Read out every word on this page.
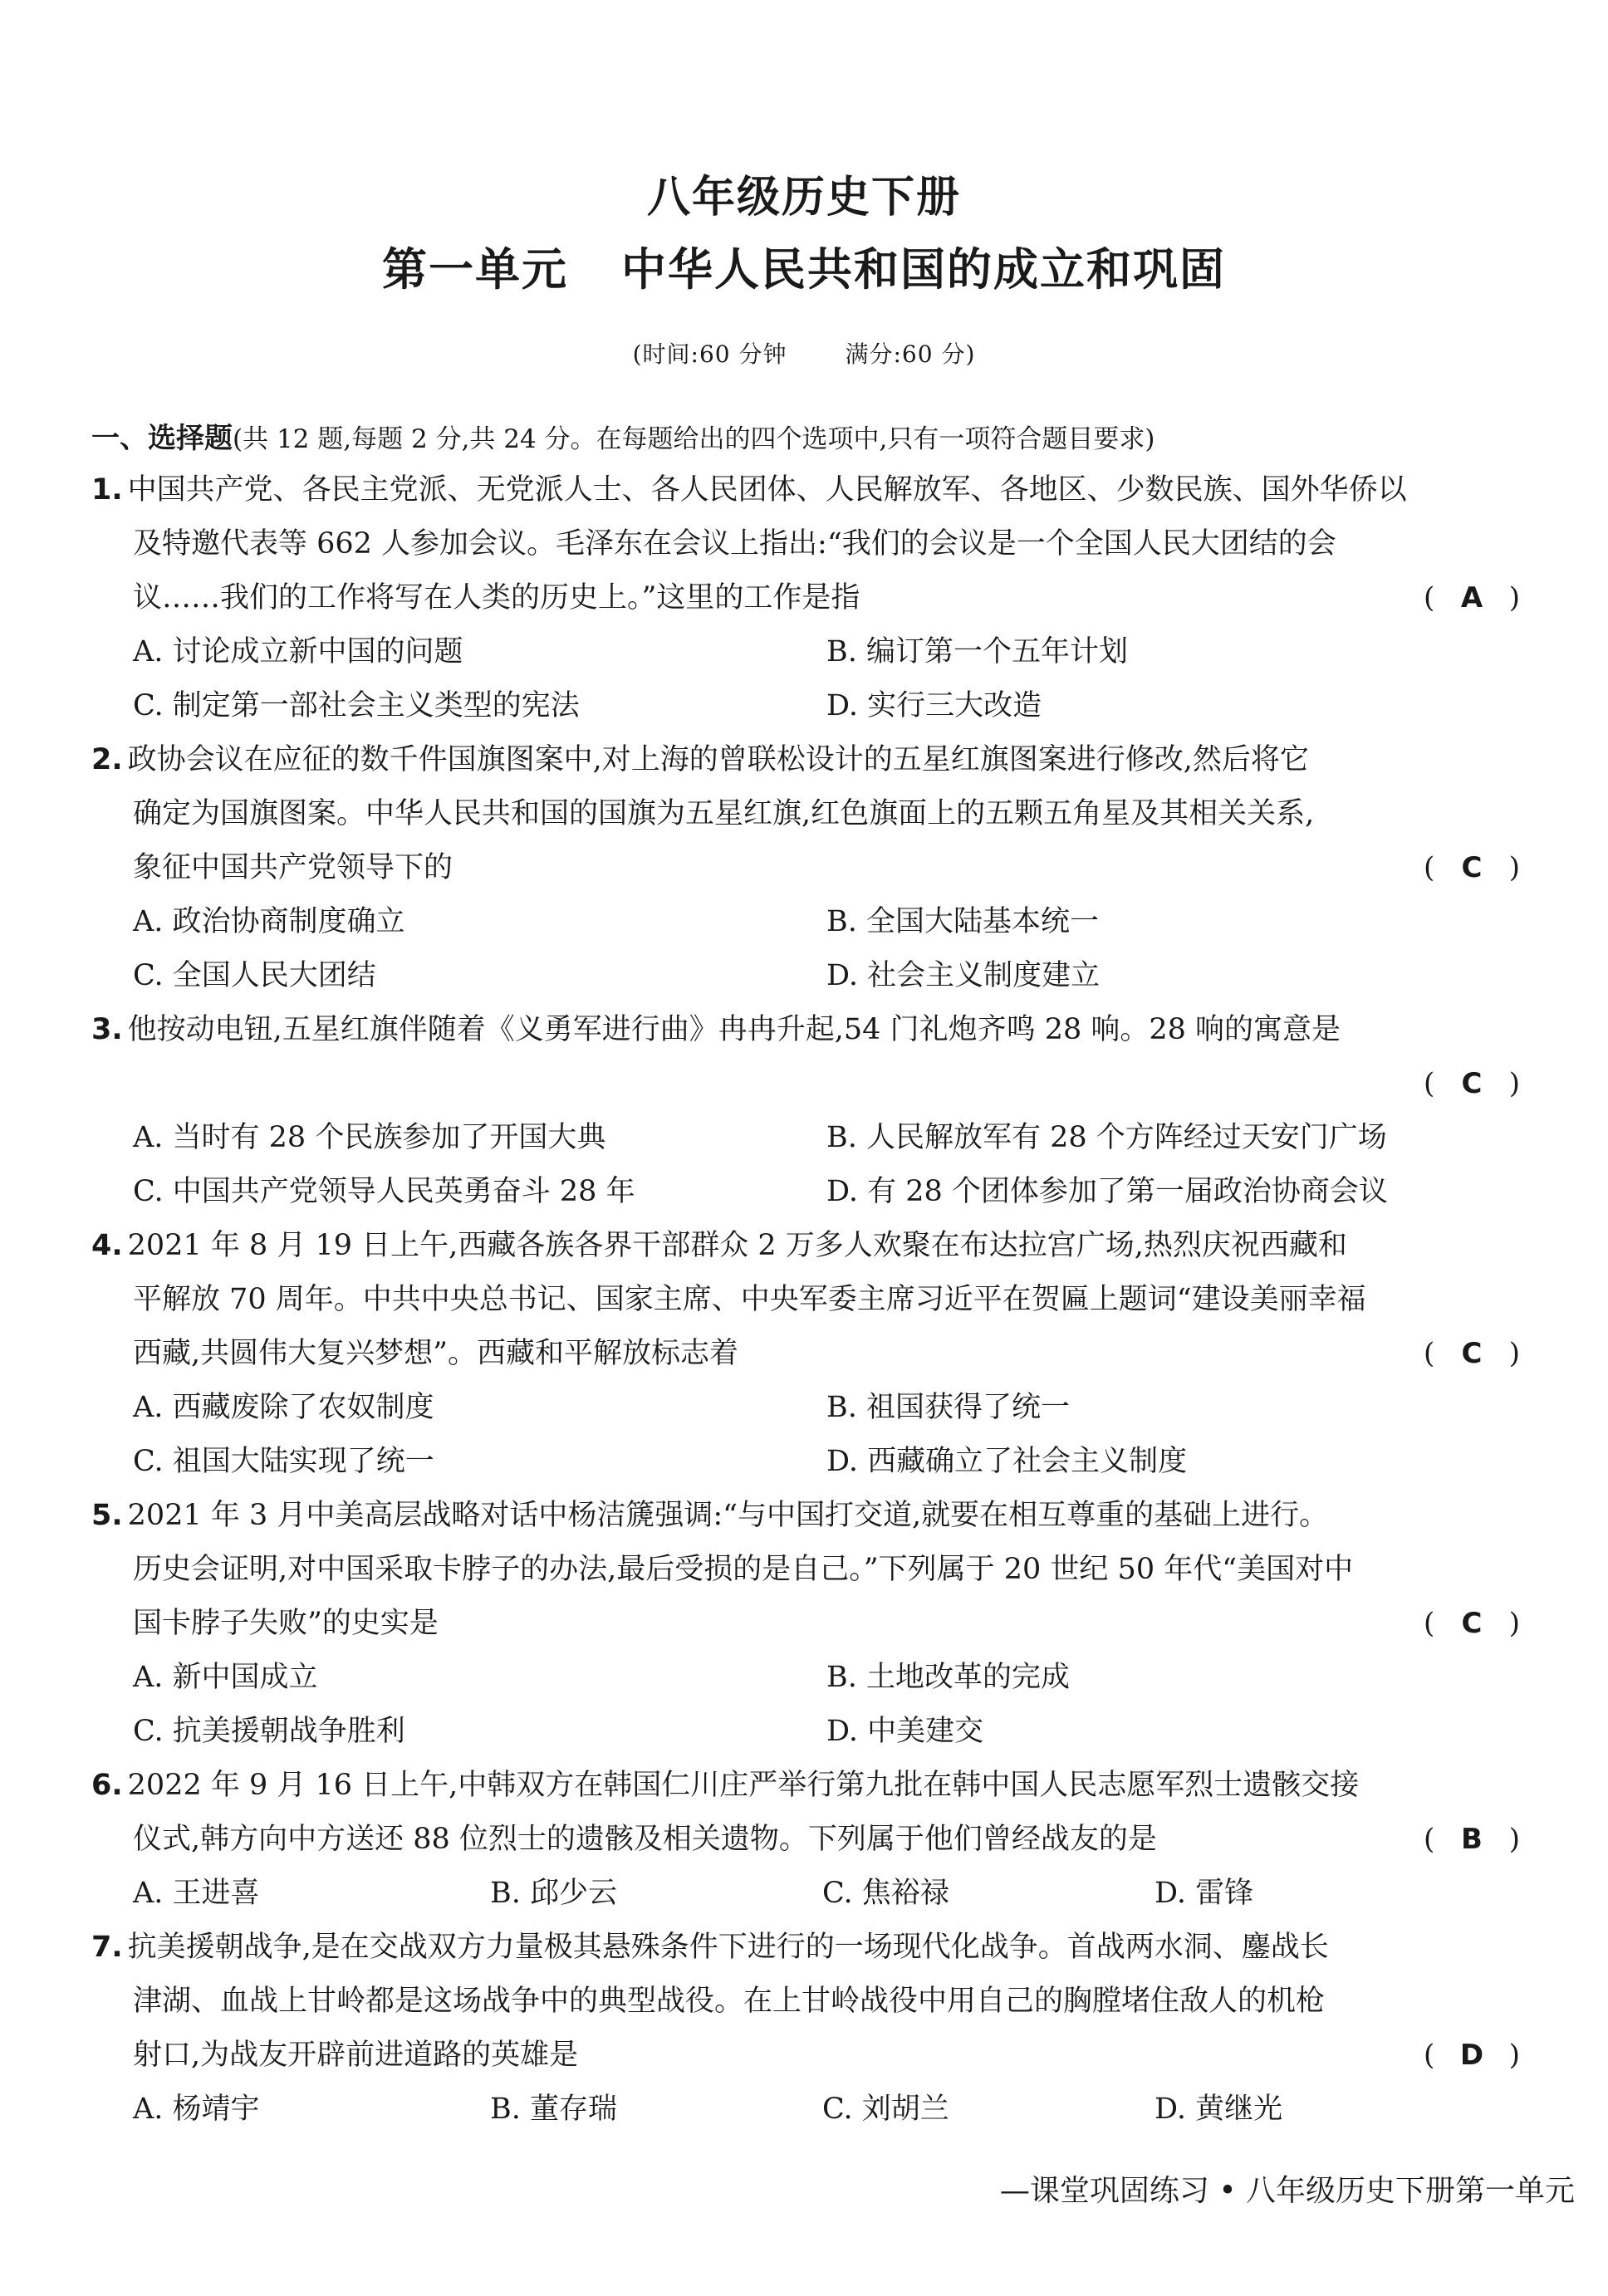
八年级历史下册
第一单元 中华人民共和国的成立和巩固
(时间:60 分钟	满分:60 分)
一、选择题(共 12 题,每题 2 分,共 24 分。在每题给出的四个选项中,只有一项符合题目要求)
1. 中国共产党、各民主党派、无党派人士、各人民团体、人民解放军、各地区、少数民族、国外华侨以
及特邀代表等 662 人参加会议。毛泽东在会议上指出:“我们的会议是一个全国人民大团结的会
议……我们的工作将写在人类的历史上。”这里的工作是指	( A )
A. 讨论成立新中国的问题	B. 编订第一个五年计划
C. 制定第一部社会主义类型的宪法	D. 实行三大改造
2. 政协会议在应征的数千件国旗图案中,对上海的曾联松设计的五星红旗图案进行修改,然后将它
确定为国旗图案。中华人民共和国的国旗为五星红旗,红色旗面上的五颗五角星及其相关关系,
象征中国共产党领导下的	( C )
A. 政治协商制度确立	B. 全国大陆基本统一
C. 全国人民大团结	D. 社会主义制度建立
3. 他按动电钮,五星红旗伴随着《义勇军进行曲》冉冉升起,54 门礼炮齐鸣 28 响。28 响的寓意是
( C )
A. 当时有 28 个民族参加了开国大典	B. 人民解放军有 28 个方阵经过天安门广场
C. 中国共产党领导人民英勇奋斗 28 年	D. 有 28 个团体参加了第一届政治协商会议
4. 2021 年 8 月 19 日上午,西藏各族各界干部群众 2 万多人欢聚在布达拉宫广场,热烈庆祝西藏和
平解放 70 周年。中共中央总书记、国家主席、中央军委主席习近平在贺匾上题词“建设美丽幸福
西藏,共圆伟大复兴梦想”。西藏和平解放标志着	( C )
A. 西藏废除了农奴制度	B. 祖国获得了统一
C. 祖国大陆实现了统一	D. 西藏确立了社会主义制度
5. 2021 年 3 月中美高层战略对话中杨洁篪强调:“与中国打交道,就要在相互尊重的基础上进行。
历史会证明,对中国采取卡脖子的办法,最后受损的是自己。”下列属于 20 世纪 50 年代“美国对中
国卡脖子失败”的史实是	( C )
A. 新中国成立	B. 土地改革的完成
C. 抗美援朝战争胜利	D. 中美建交
6. 2022 年 9 月 16 日上午,中韩双方在韩国仁川庄严举行第九批在韩中国人民志愿军烈士遗骸交接
仪式,韩方向中方送还 88 位烈士的遗骸及相关遗物。下列属于他们曾经战友的是	( B )
A. 王进喜	B. 邱少云	C. 焦裕禄	D. 雷锋
7. 抗美援朝战争,是在交战双方力量极其悬殊条件下进行的一场现代化战争。首战两水洞、鏖战长
津湖、血战上甘岭都是这场战争中的典型战役。在上甘岭战役中用自己的胸膛堵住敌人的机枪
射口,为战友开辟前进道路的英雄是	( D )
A. 杨靖宇	B. 董存瑞	C. 刘胡兰	D. 黄继光
—课堂巩固练习 • 八年级历史下册第一单元
